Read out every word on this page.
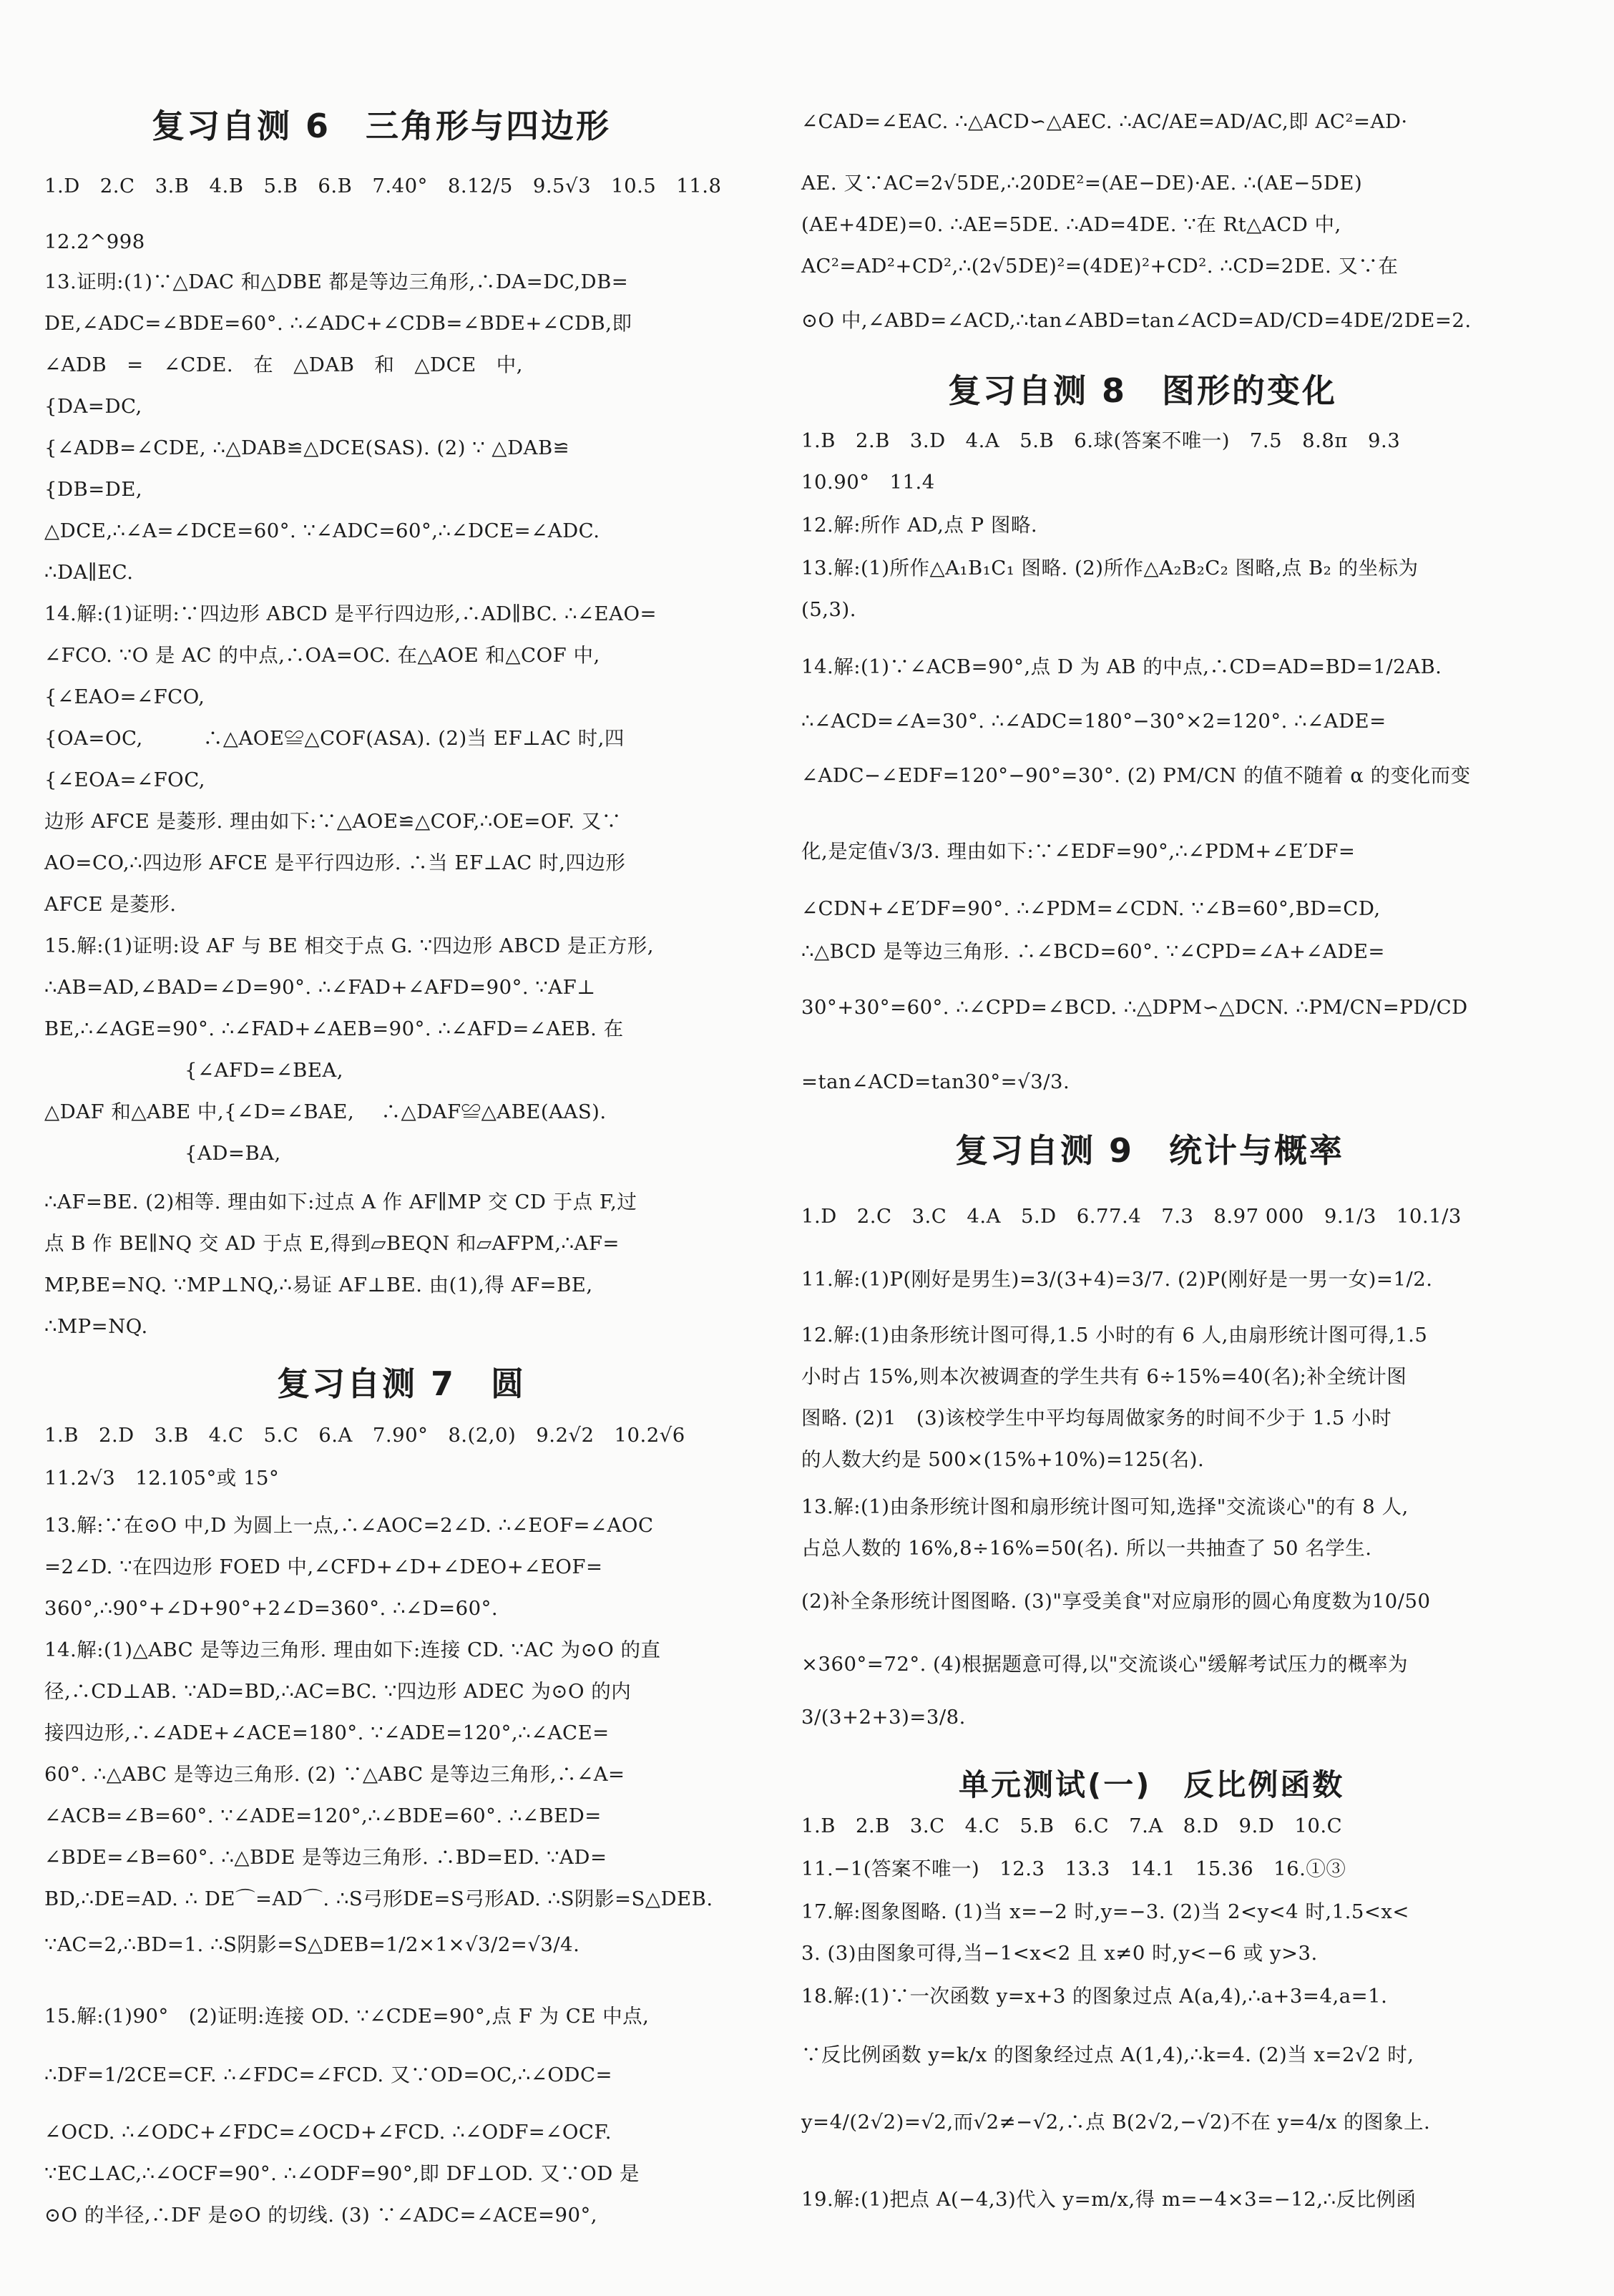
复习自测 6　三角形与四边形
1.D　2.C　3.B　4.B　5.B　6.B　7.40°　8.12/5　9.5√3　10.5　11.8
12.2^998
13.证明:(1)∵△DAC 和△DBE 都是等边三角形,∴DA=DC,DB=
DE,∠ADC=∠BDE=60°. ∴∠ADC+∠CDB=∠BDE+∠CDB,即
∠ADB　=　∠CDE.　在　△DAB　和　△DCE　中,
{DA=DC,
{∠ADB=∠CDE, ∴△DAB≌△DCE(SAS). (2) ∵ △DAB≌
{DB=DE,
△DCE,∴∠A=∠DCE=60°. ∵∠ADC=60°,∴∠DCE=∠ADC.
∴DA∥EC.
14.解:(1)证明:∵四边形 ABCD 是平行四边形,∴AD∥BC. ∴∠EAO=
∠FCO. ∵O 是 AC 的中点,∴OA=OC. 在△AOE 和△COF 中,
{∠EAO=∠FCO,
{OA=OC,　　　∴△AOE≌△COF(ASA). (2)当 EF⊥AC 时,四
{∠EOA=∠FOC,
边形 AFCE 是菱形. 理由如下:∵△AOE≌△COF,∴OE=OF. 又∵
AO=CO,∴四边形 AFCE 是平行四边形. ∴当 EF⊥AC 时,四边形
AFCE 是菱形.
15.解:(1)证明:设 AF 与 BE 相交于点 G. ∵四边形 ABCD 是正方形,
∴AB=AD,∠BAD=∠D=90°. ∴∠FAD+∠AFD=90°. ∵AF⊥
BE,∴∠AGE=90°. ∴∠FAD+∠AEB=90°. ∴∠AFD=∠AEB. 在
　　　　　　　{∠AFD=∠BEA,
△DAF 和△ABE 中,{∠D=∠BAE,　 ∴△DAF≌△ABE(AAS).
　　　　　　　{AD=BA,
∴AF=BE. (2)相等. 理由如下:过点 A 作 AF∥MP 交 CD 于点 F,过
点 B 作 BE∥NQ 交 AD 于点 E,得到▱BEQN 和▱AFPM,∴AF=
MP,BE=NQ. ∵MP⊥NQ,∴易证 AF⊥BE. 由(1),得 AF=BE,
∴MP=NQ.
复习自测 7　圆
1.B　2.D　3.B　4.C　5.C　6.A　7.90°　8.(2,0)　9.2√2　10.2√6
11.2√3　12.105°或 15°
13.解:∵在⊙O 中,D 为圆上一点,∴∠AOC=2∠D. ∴∠EOF=∠AOC
=2∠D. ∵在四边形 FOED 中,∠CFD+∠D+∠DEO+∠EOF=
360°,∴90°+∠D+90°+2∠D=360°. ∴∠D=60°.
14.解:(1)△ABC 是等边三角形. 理由如下:连接 CD. ∵AC 为⊙O 的直
径,∴CD⊥AB. ∵AD=BD,∴AC=BC. ∵四边形 ADEC 为⊙O 的内
接四边形,∴∠ADE+∠ACE=180°. ∵∠ADE=120°,∴∠ACE=
60°. ∴△ABC 是等边三角形. (2) ∵△ABC 是等边三角形,∴∠A=
∠ACB=∠B=60°. ∵∠ADE=120°,∴∠BDE=60°. ∴∠BED=
∠BDE=∠B=60°. ∴△BDE 是等边三角形. ∴BD=ED. ∵AD=
BD,∴DE=AD. ∴ DE⌒=AD⌒. ∴S弓形DE=S弓形AD. ∴S阴影=S△DEB.
∵AC=2,∴BD=1. ∴S阴影=S△DEB=1/2×1×√3/2=√3/4.
15.解:(1)90°　(2)证明:连接 OD. ∵∠CDE=90°,点 F 为 CE 中点,
∴DF=1/2CE=CF. ∴∠FDC=∠FCD. 又∵OD=OC,∴∠ODC=
∠OCD. ∴∠ODC+∠FDC=∠OCD+∠FCD. ∴∠ODF=∠OCF.
∵EC⊥AC,∴∠OCF=90°. ∴∠ODF=90°,即 DF⊥OD. 又∵OD 是
⊙O 的半径,∴DF 是⊙O 的切线. (3) ∵∠ADC=∠ACE=90°,
∠CAD=∠EAC. ∴△ACD∽△AEC. ∴AC/AE=AD/AC,即 AC²=AD·
AE. 又∵AC=2√5DE,∴20DE²=(AE−DE)·AE. ∴(AE−5DE)
(AE+4DE)=0. ∴AE=5DE. ∴AD=4DE. ∵在 Rt△ACD 中,
AC²=AD²+CD²,∴(2√5DE)²=(4DE)²+CD². ∴CD=2DE. 又∵在
⊙O 中,∠ABD=∠ACD,∴tan∠ABD=tan∠ACD=AD/CD=4DE/2DE=2.
复习自测 8　图形的变化
1.B　2.B　3.D　4.A　5.B　6.球(答案不唯一)　7.5　8.8π　9.3
10.90°　11.4
12.解:所作 AD,点 P 图略.
13.解:(1)所作△A₁B₁C₁ 图略. (2)所作△A₂B₂C₂ 图略,点 B₂ 的坐标为
(5,3).
14.解:(1)∵∠ACB=90°,点 D 为 AB 的中点,∴CD=AD=BD=1/2AB.
∴∠ACD=∠A=30°. ∴∠ADC=180°−30°×2=120°. ∴∠ADE=
∠ADC−∠EDF=120°−90°=30°. (2) PM/CN 的值不随着 α 的变化而变
化,是定值√3/3. 理由如下:∵∠EDF=90°,∴∠PDM+∠E′DF=
∠CDN+∠E′DF=90°. ∴∠PDM=∠CDN. ∵∠B=60°,BD=CD,
∴△BCD 是等边三角形. ∴∠BCD=60°. ∵∠CPD=∠A+∠ADE=
30°+30°=60°. ∴∠CPD=∠BCD. ∴△DPM∽△DCN. ∴PM/CN=PD/CD
=tan∠ACD=tan30°=√3/3.
复习自测 9　统计与概率
1.D　2.C　3.C　4.A　5.D　6.77.4　7.3　8.97 000　9.1/3　10.1/3
11.解:(1)P(刚好是男生)=3/(3+4)=3/7. (2)P(刚好是一男一女)=1/2.
12.解:(1)由条形统计图可得,1.5 小时的有 6 人,由扇形统计图可得,1.5
小时占 15%,则本次被调查的学生共有 6÷15%=40(名);补全统计图
图略. (2)1　(3)该校学生中平均每周做家务的时间不少于 1.5 小时
的人数大约是 500×(15%+10%)=125(名).
13.解:(1)由条形统计图和扇形统计图可知,选择"交流谈心"的有 8 人,
占总人数的 16%,8÷16%=50(名). 所以一共抽查了 50 名学生.
(2)补全条形统计图图略. (3)"享受美食"对应扇形的圆心角度数为10/50
×360°=72°. (4)根据题意可得,以"交流谈心"缓解考试压力的概率为
3/(3+2+3)=3/8.
单元测试(一)　反比例函数
1.B　2.B　3.C　4.C　5.B　6.C　7.A　8.D　9.D　10.C
11.−1(答案不唯一)　12.3　13.3　14.1　15.36　16.①③
17.解:图象图略. (1)当 x=−2 时,y=−3. (2)当 2<y<4 时,1.5<x<
3. (3)由图象可得,当−1<x<2 且 x≠0 时,y<−6 或 y>3.
18.解:(1)∵一次函数 y=x+3 的图象过点 A(a,4),∴a+3=4,a=1.
∵反比例函数 y=k/x 的图象经过点 A(1,4),∴k=4. (2)当 x=2√2 时,
y=4/(2√2)=√2,而√2≠−√2,∴点 B(2√2,−√2)不在 y=4/x 的图象上.
19.解:(1)把点 A(−4,3)代入 y=m/x,得 m=−4×3=−12,∴反比例函
